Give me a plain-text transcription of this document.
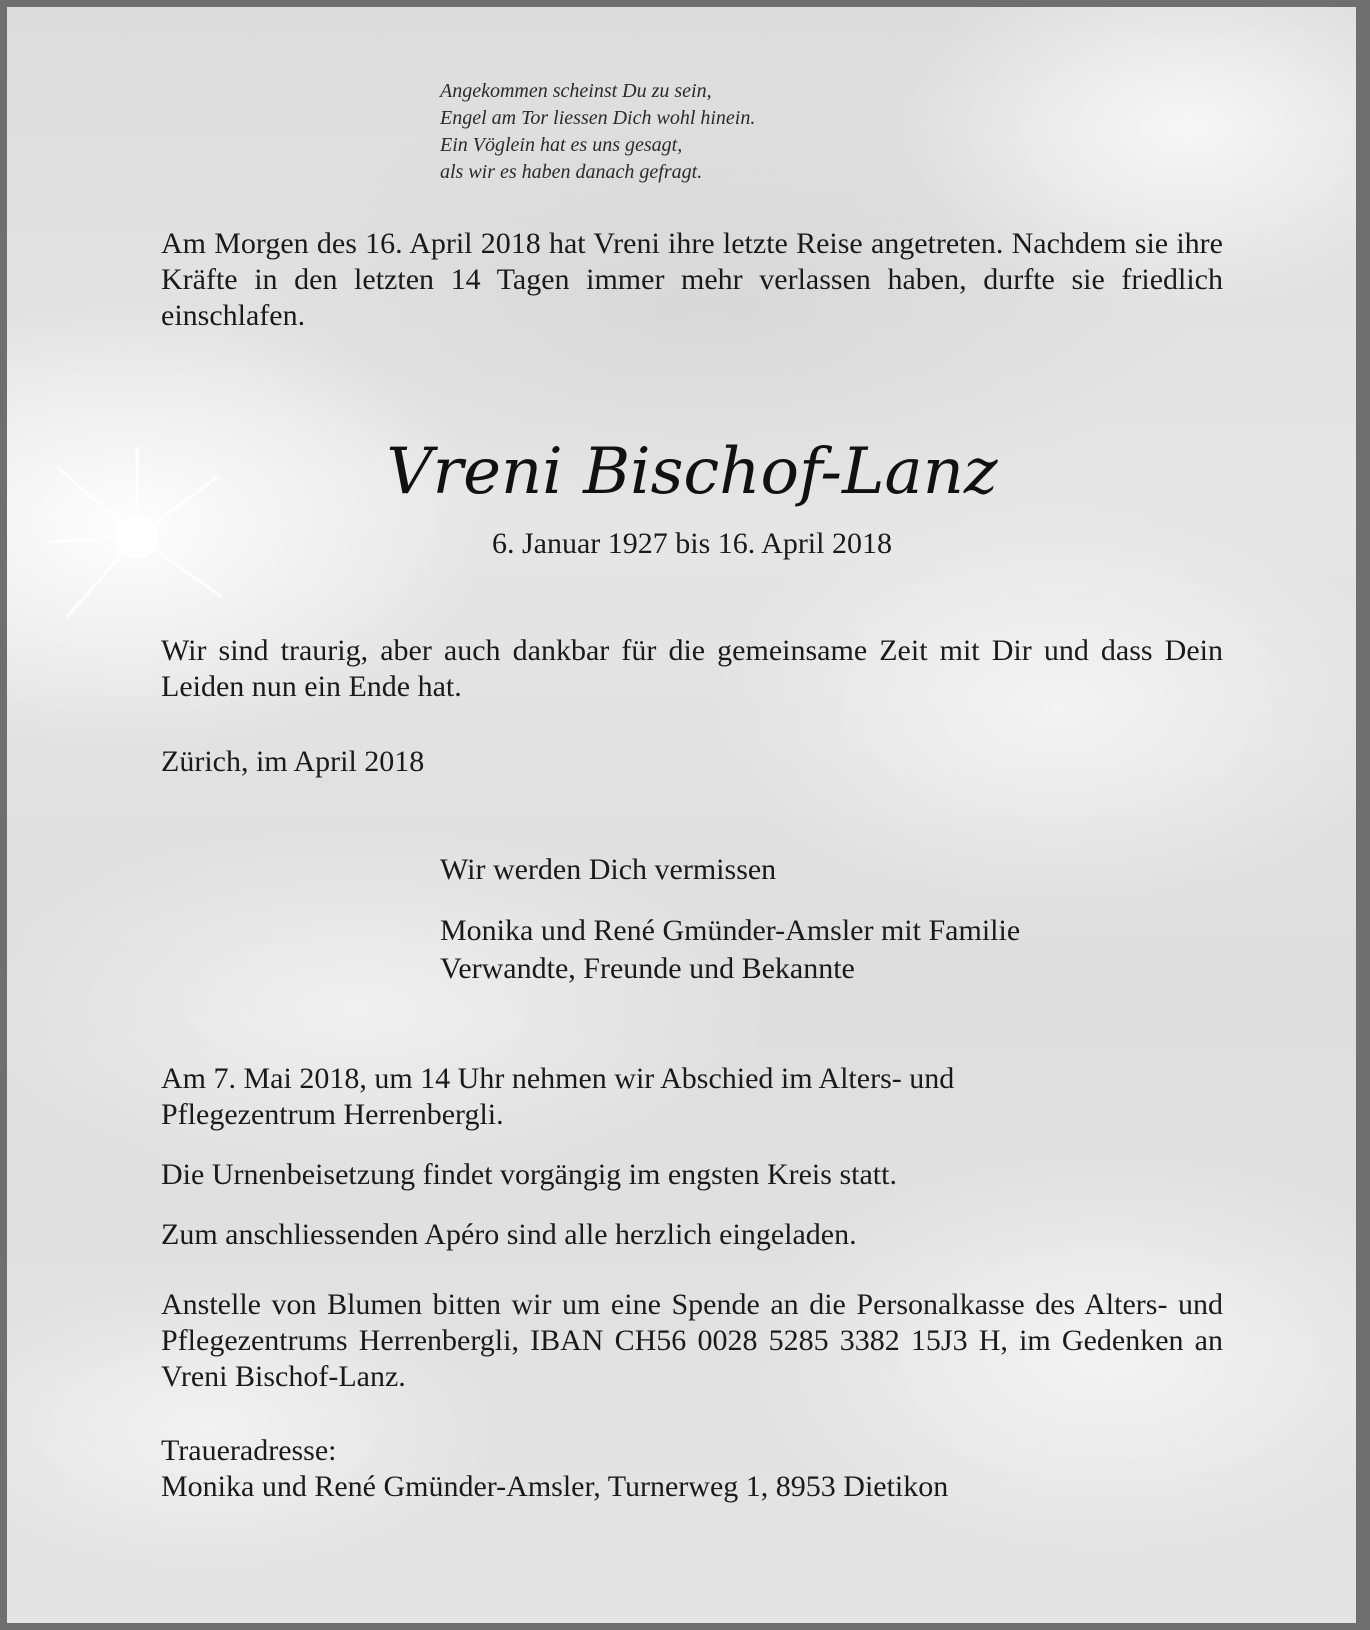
Angekommen scheinst Du zu sein,
Engel am Tor liessen Dich wohl hinein.
Ein Vöglein hat es uns gesagt,
als wir es haben danach gefragt.

Am Morgen des 16. April 2018 hat Vreni ihre letzte Reise angetreten. Nachdem sie ihre Kräfte in den letzten 14 Tagen immer mehr verlassen haben, durfte sie friedlich einschlafen.

Vreni Bischof-Lanz
6. Januar 1927 bis 16. April 2018

Wir sind traurig, aber auch dankbar für die gemeinsame Zeit mit Dir und dass Dein Leiden nun ein Ende hat.

Zürich, im April 2018
Wir werden Dich vermissen
Monika und René Gmünder-Amsler mit Familie
Verwandte, Freunde und Bekannte
Am 7. Mai 2018, um 14 Uhr nehmen wir Abschied im Alters- und
Pflegezentrum Herrenbergli.
Die Urnenbeisetzung findet vorgängig im engsten Kreis statt.
Zum anschliessenden Apéro sind alle herzlich eingeladen.

Anstelle von Blumen bitten wir um eine Spende an die Personalkasse des Alters- und Pflegezentrums Herrenbergli, IBAN CH56 0028 5285 3382 15J3 H, im Gedenken an Vreni Bischof-Lanz.

Traueradresse:
Monika und René Gmünder-Amsler, Turnerweg 1, 8953 Dietikon
